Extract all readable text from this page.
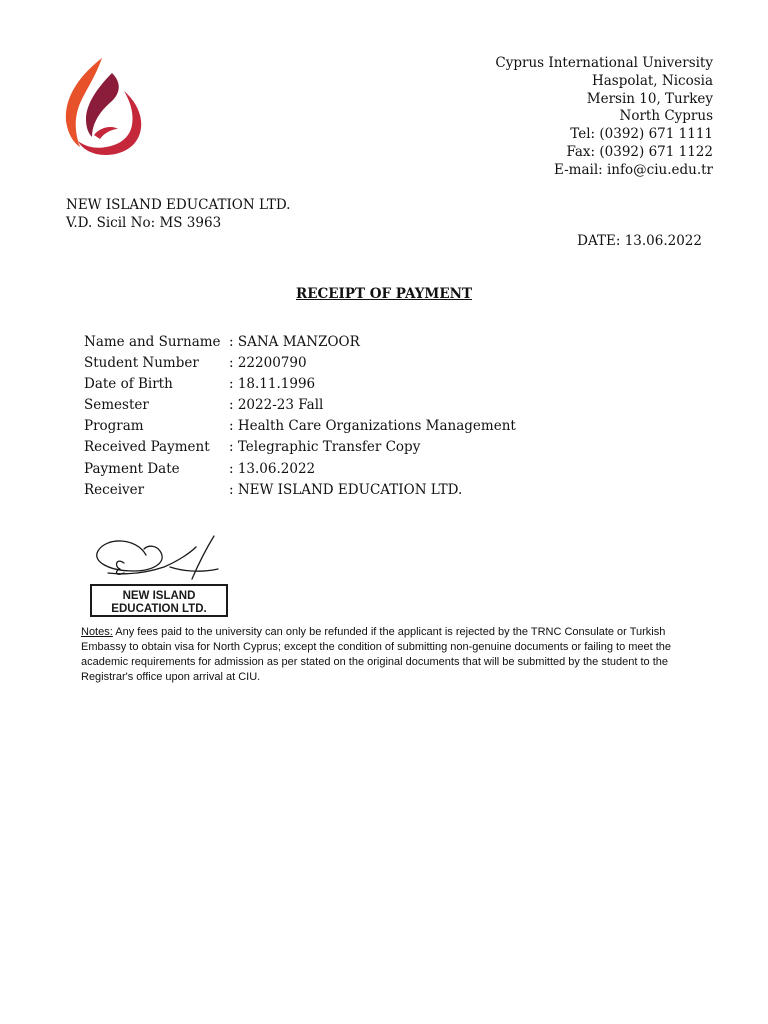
Cyprus International University
Haspolat, Nicosia
Mersin 10, Turkey
North Cyprus
Tel: (0392) 671 1111
Fax: (0392) 671 1122
E-mail: info@ciu.edu.tr
NEW ISLAND EDUCATION LTD.
V.D. Sicil No: MS 3963
DATE: 13.06.2022
RECEIPT OF PAYMENT
Name and Surname : SANA MANZOOR
Student Number	: 22200790
Date of Birth	: 18.11.1996
Semester	: 2022-23 Fall
Program	: Health Care Organizations Management
Received Payment	: Telegraphic Transfer Copy
Payment Date	: 13.06.2022
Receiver	: NEW ISLAND EDUCATION LTD.
NEW ISLAND
EDUCATION LTD.
Notes: Any fees paid to the university can only be refunded if the applicant is rejected by the TRNC Consulate or Turkish Embassy to obtain visa for North Cyprus; except the condition of submitting non-genuine documents or failing to meet the academic requirements for admission as per stated on the original documents that will be submitted by the student to the Registrar's office upon arrival at CIU.
